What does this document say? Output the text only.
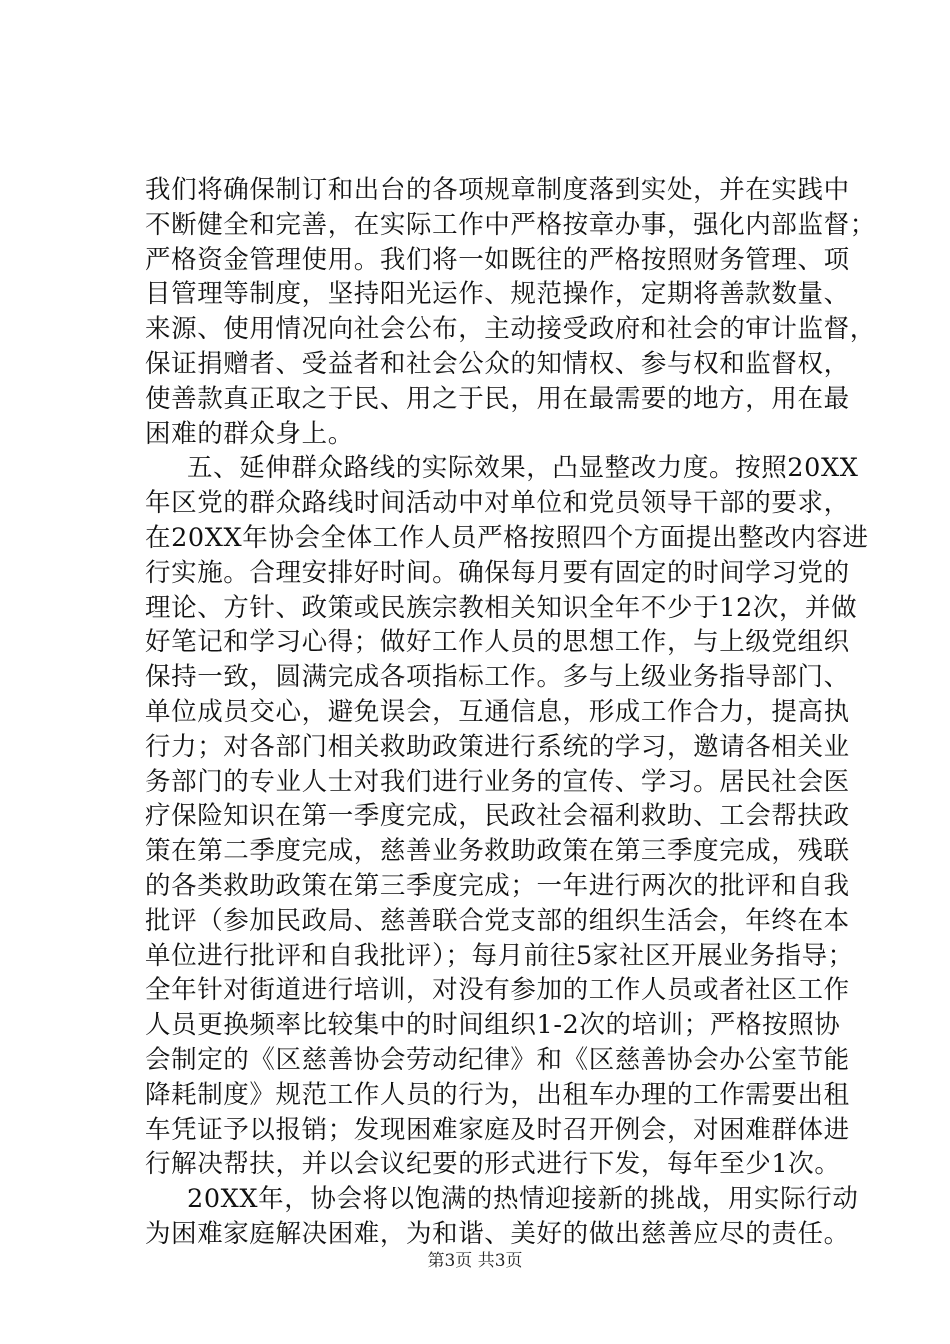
我们将确保制订和出台的各项规章制度落到实处，并在实践中
不断健全和完善，在实际工作中严格按章办事，强化内部监督；
严格资金管理使用。我们将一如既往的严格按照财务管理、项
目管理等制度，坚持阳光运作、规范操作，定期将善款数量、
来源、使用情况向社会公布，主动接受政府和社会的审计监督，
保证捐赠者、受益者和社会公众的知情权、参与权和监督权，
使善款真正取之于民、用之于民，用在最需要的地方，用在最
困难的群众身上。
五、延伸群众路线的实际效果，凸显整改力度。按照20XX
年区党的群众路线时间活动中对单位和党员领导干部的要求，
在20XX年协会全体工作人员严格按照四个方面提出整改内容进
行实施。合理安排好时间。确保每月要有固定的时间学习党的
理论、方针、政策或民族宗教相关知识全年不少于12次，并做
好笔记和学习心得；做好工作人员的思想工作，与上级党组织
保持一致，圆满完成各项指标工作。多与上级业务指导部门、
单位成员交心，避免误会，互通信息，形成工作合力，提高执
行力；对各部门相关救助政策进行系统的学习，邀请各相关业
务部门的专业人士对我们进行业务的宣传、学习。居民社会医
疗保险知识在第一季度完成，民政社会福利救助、工会帮扶政
策在第二季度完成，慈善业务救助政策在第三季度完成，残联
的各类救助政策在第三季度完成；一年进行两次的批评和自我
批评（参加民政局、慈善联合党支部的组织生活会，年终在本
单位进行批评和自我批评）；每月前往5家社区开展业务指导；
全年针对街道进行培训，对没有参加的工作人员或者社区工作
人员更换频率比较集中的时间组织1-2次的培训；严格按照协
会制定的《区慈善协会劳动纪律》和《区慈善协会办公室节能
降耗制度》规范工作人员的行为，出租车办理的工作需要出租
车凭证予以报销；发现困难家庭及时召开例会，对困难群体进
行解决帮扶，并以会议纪要的形式进行下发，每年至少1次。
20XX年，协会将以饱满的热情迎接新的挑战，用实际行动
为困难家庭解决困难，为和谐、美好的做出慈善应尽的责任。
第3页 共3页
